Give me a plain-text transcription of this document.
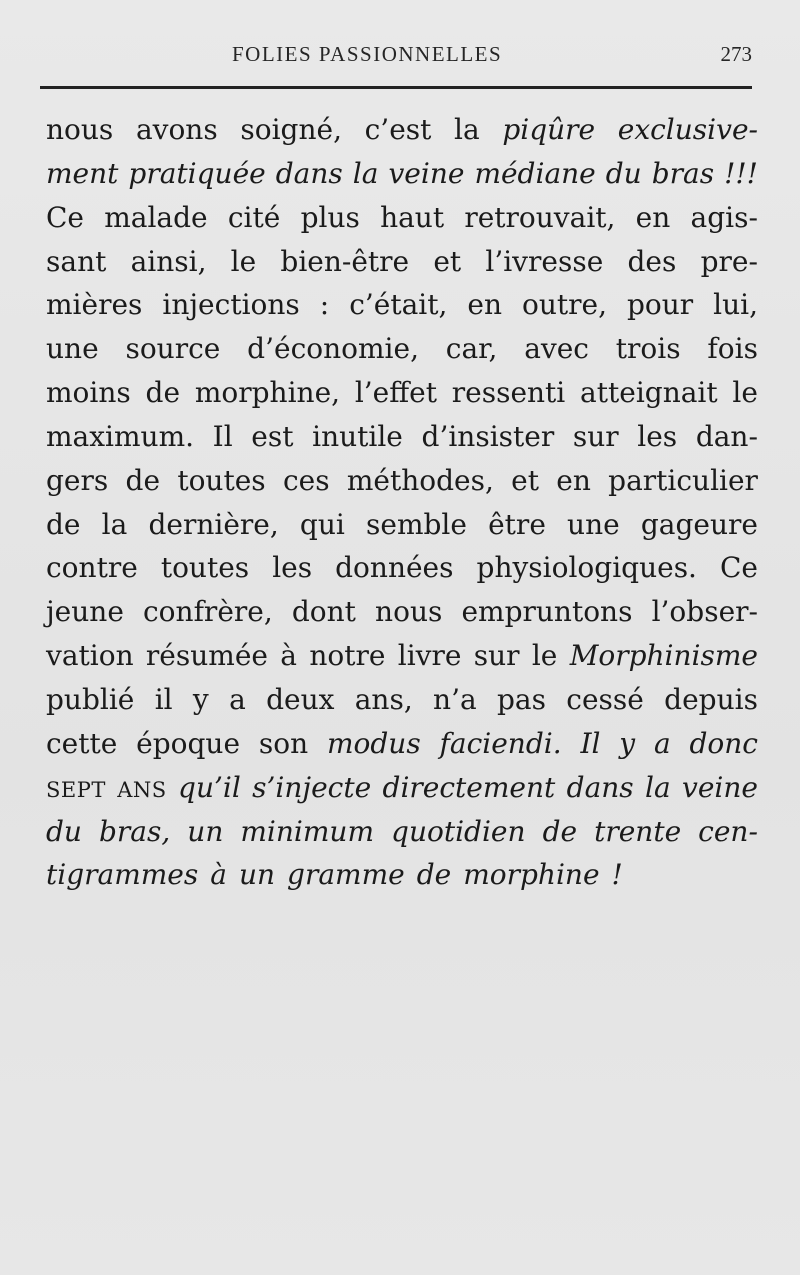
FOLIES PASSIONNELLES	273
nous avons soigné, c’est la piqûre exclusive-
ment pratiquée dans la veine médiane du bras !!!
Ce malade cité plus haut retrouvait, en agis-
sant ainsi, le bien-être et l’ivresse des pre-
mières injections : c’était, en outre, pour lui,
une source d’économie, car, avec trois fois
moins de morphine, l’effet ressenti atteignait le
maximum. Il est inutile d’insister sur les dan-
gers de toutes ces méthodes, et en particulier
de la dernière, qui semble être une gageure
contre toutes les données physiologiques. Ce
jeune confrère, dont nous empruntons l’obser-
vation résumée à notre livre sur le Morphinisme
publié il y a deux ans, n’a pas cessé depuis
cette époque son modus faciendi. Il y a donc
SEPT ANS qu’il s’injecte directement dans la veine
du bras, un minimum quotidien de trente cen-
tigrammes à un gramme de morphine !
